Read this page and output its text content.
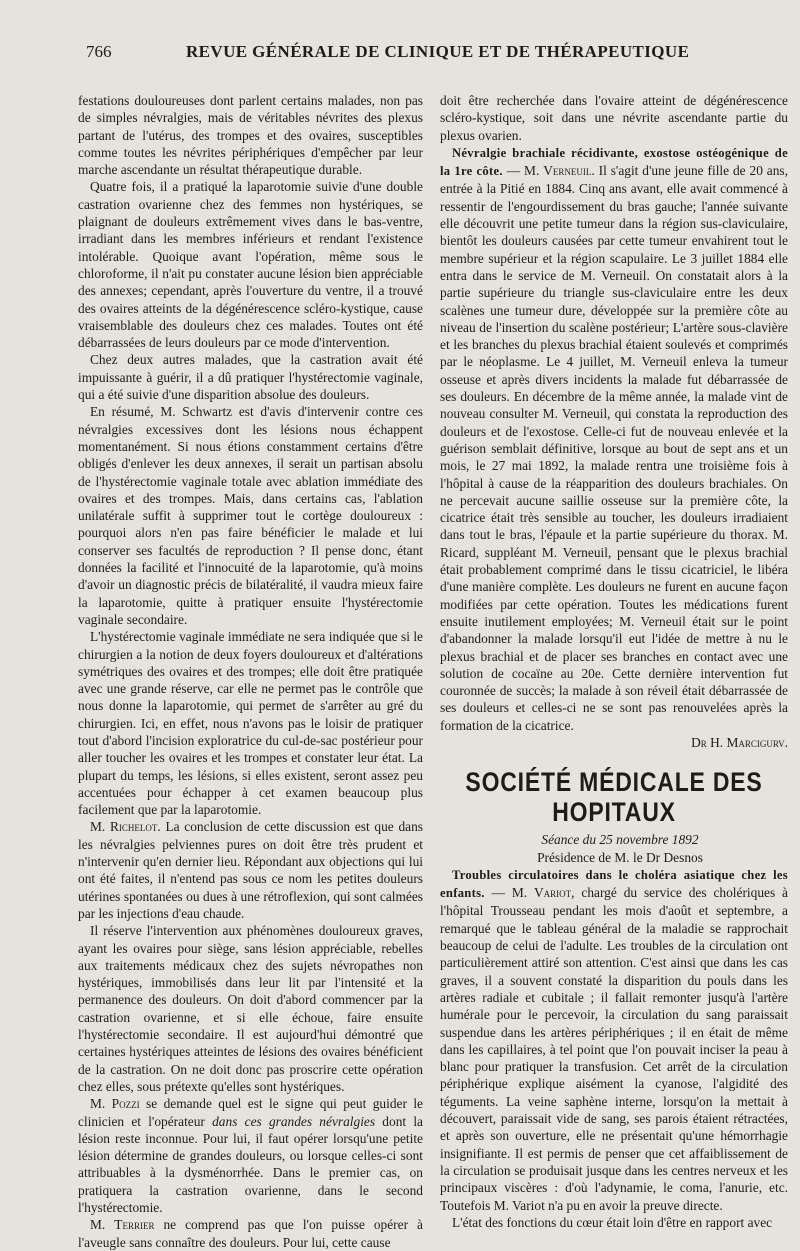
766	REVUE GÉNÉRALE DE CLINIQUE ET DE THÉRAPEUTIQUE

festations douloureuses dont parlent certains malades, non pas de simples névralgies, mais de véritables névrites des plexus partant de l'utérus, des trompes et des ovaires, susceptibles comme toutes les névrites périphériques d'empêcher par leur marche ascendante un résultat thérapeutique durable.

Quatre fois, il a pratiqué la laparotomie suivie d'une double castration ovarienne chez des femmes non hystériques, se plaignant de douleurs extrêmement vives dans le bas-ventre, irradiant dans les membres inférieurs et rendant l'existence intolérable. Quoique avant l'opération, même sous le chloroforme, il n'ait pu constater aucune lésion bien appréciable des annexes; cependant, après l'ouverture du ventre, il a trouvé des ovaires atteints de la dégénérescence scléro-kystique, cause vraisemblable des douleurs chez ces malades. Toutes ont été débarrassées de leurs douleurs par ce mode d'intervention.

Chez deux autres malades, que la castration avait été impuissante à guérir, il a dû pratiquer l'hystérectomie vaginale, qui a été suivie d'une disparition absolue des douleurs.

En résumé, M. Schwartz est d'avis d'intervenir contre ces névralgies excessives dont les lésions nous échappent momentanément. Si nous étions constamment certains d'être obligés d'enlever les deux annexes, il serait un partisan absolu de l'hystérectomie vaginale totale avec ablation immédiate des ovaires et des trompes. Mais, dans certains cas, l'ablation unilatérale suffit à supprimer tout le cortège douloureux : pourquoi alors n'en pas faire bénéficier le malade et lui conserver ses facultés de reproduction ? Il pense donc, étant données la facilité et l'innocuité de la laparotomie, qu'à moins d'avoir un diagnostic précis de bilatéralité, il vaudra mieux faire la laparotomie, quitte à pratiquer ensuite l'hystérectomie vaginale secondaire.

L'hystérectomie vaginale immédiate ne sera indiquée que si le chirurgien a la notion de deux foyers douloureux et d'altérations symétriques des ovaires et des trompes; elle doit être pratiquée avec une grande réserve, car elle ne permet pas le contrôle que nous donne la laparotomie, qui permet de s'arrêter au gré du chirurgien. Ici, en effet, nous n'avons pas le loisir de pratiquer tout d'abord l'incision exploratrice du cul-de-sac postérieur pour aller toucher les ovaires et les trompes et constater leur état. La plupart du temps, les lésions, si elles existent, seront assez peu accentuées pour échapper à cet examen beaucoup plus facilement que par la laparotomie.

M. Richelot. La conclusion de cette discussion est que dans les névralgies pelviennes pures on doit être très prudent et n'intervenir qu'en dernier lieu. Répondant aux objections qui lui ont été faites, il n'entend pas sous ce nom les petites douleurs utérines spontanées ou dues à une rétroflexion, qui sont calmées par les injections d'eau chaude.

Il réserve l'intervention aux phénomènes douloureux graves, ayant les ovaires pour siège, sans lésion appréciable, rebelles aux traitements médicaux chez des sujets névropathes non hystériques, immobilisés dans leur lit par l'intensité et la permanence des douleurs. On doit d'abord commencer par la castration ovarienne, et si elle échoue, faire ensuite l'hystérectomie secondaire. Il est aujourd'hui démontré que certaines hystériques atteintes de lésions des ovaires bénéficient de la castration. On ne doit donc pas proscrire cette opération chez elles, sous prétexte qu'elles sont hystériques.

M. Pozzi se demande quel est le signe qui peut guider le clinicien et l'opérateur dans ces grandes névralgies dont la lésion reste inconnue. Pour lui, il faut opérer lorsqu'une petite lésion détermine de grandes douleurs, ou lorsque celles-ci sont attribuables à la dysménorrhée. Dans le premier cas, on pratiquera la castration ovarienne, dans le second l'hystérectomie.

M. Terrier ne comprend pas que l'on puisse opérer à l'aveugle sans connaître des douleurs. Pour lui, cette cause

doit être recherchée dans l'ovaire atteint de dégénérescence scléro-kystique, soit dans une névrite ascendante partie du plexus ovarien.

Névralgie brachiale récidivante, exostose ostéogénique de la 1re côte. — M. Verneuil. Il s'agit d'une jeune fille de 20 ans, entrée à la Pitié en 1884. Cinq ans avant, elle avait commencé à ressentir de l'engourdissement du bras gauche; l'année suivante elle découvrit une petite tumeur dans la région sus-claviculaire, bientôt les douleurs causées par cette tumeur envahirent tout le membre supérieur et la région scapulaire. Le 3 juillet 1884 elle entra dans le service de M. Verneuil. On constatait alors à la partie supérieure du triangle sus-claviculaire entre les deux scalènes une tumeur dure, développée sur la première côte au niveau de l'insertion du scalène postérieur; L'artère sous-clavière et les branches du plexus brachial étaient soulevés et comprimés par le néoplasme. Le 4 juillet, M. Verneuil enleva la tumeur osseuse et après divers incidents la malade fut débarrassée de ses douleurs. En décembre de la même année, la malade vint de nouveau consulter M. Verneuil, qui constata la reproduction des douleurs et de l'exostose. Celle-ci fut de nouveau enlevée et la guérison semblait définitive, lorsque au bout de sept ans et un mois, le 27 mai 1892, la malade rentra une troisième fois à l'hôpital à cause de la réapparition des douleurs brachiales. On ne percevait aucune saillie osseuse sur la première côte, la cicatrice était très sensible au toucher, les douleurs irradiaient dans tout le bras, l'épaule et la partie supérieure du thorax. M. Ricard, suppléant M. Verneuil, pensant que le plexus brachial était probablement comprimé dans le tissu cicatriciel, le libéra d'une manière complète. Les douleurs ne furent en aucune façon modifiées par cette opération. Toutes les médications furent ensuite inutilement employées; M. Verneuil était sur le point d'abandonner la malade lorsqu'il eut l'idée de mettre à nu le plexus brachial et de placer ses branches en contact avec une solution de cocaïne au 20e. Cette dernière intervention fut couronnée de succès; la malade à son réveil était débarrassée de ses douleurs et celles-ci ne se sont pas renouvelées après la formation de la cicatrice.

Dr H. Marcigurv.

SOCIÉTÉ MÉDICALE DES HOPITAUX

Séance du 25 novembre 1892

Présidence de M. le Dr Desnos

Troubles circulatoires dans le choléra asiatique chez les enfants. — M. Variot, chargé du service des cholériques à l'hôpital Trousseau pendant les mois d'août et septembre, a remarqué que le tableau général de la maladie se rapprochait beaucoup de celui de l'adulte. Les troubles de la circulation ont particulièrement attiré son attention. C'est ainsi que dans les cas graves, il a souvent constaté la disparition du pouls dans les artères radiale et cubitale ; il fallait remonter jusqu'à l'artère humérale pour le percevoir, la circulation du sang paraissait suspendue dans les artères périphériques ; il en était de même dans les capillaires, à tel point que l'on pouvait inciser la peau à blanc pour pratiquer la transfusion. Cet arrêt de la circulation périphérique explique aisément la cyanose, l'algidité des téguments. La veine saphène interne, lorsqu'on la mettait à découvert, paraissait vide de sang, ses parois étaient rétractées, et après son ouverture, elle ne présentait qu'une hémorrhagie insignifiante. Il est permis de penser que cet affaiblissement de la circulation se produisait jusque dans les centres nerveux et les principaux viscères : d'où l'adynamie, le coma, l'anurie, etc. Toutefois M. Variot n'a pu en avoir la preuve directe.

L'état des fonctions du cœur était loin d'être en rapport avec
